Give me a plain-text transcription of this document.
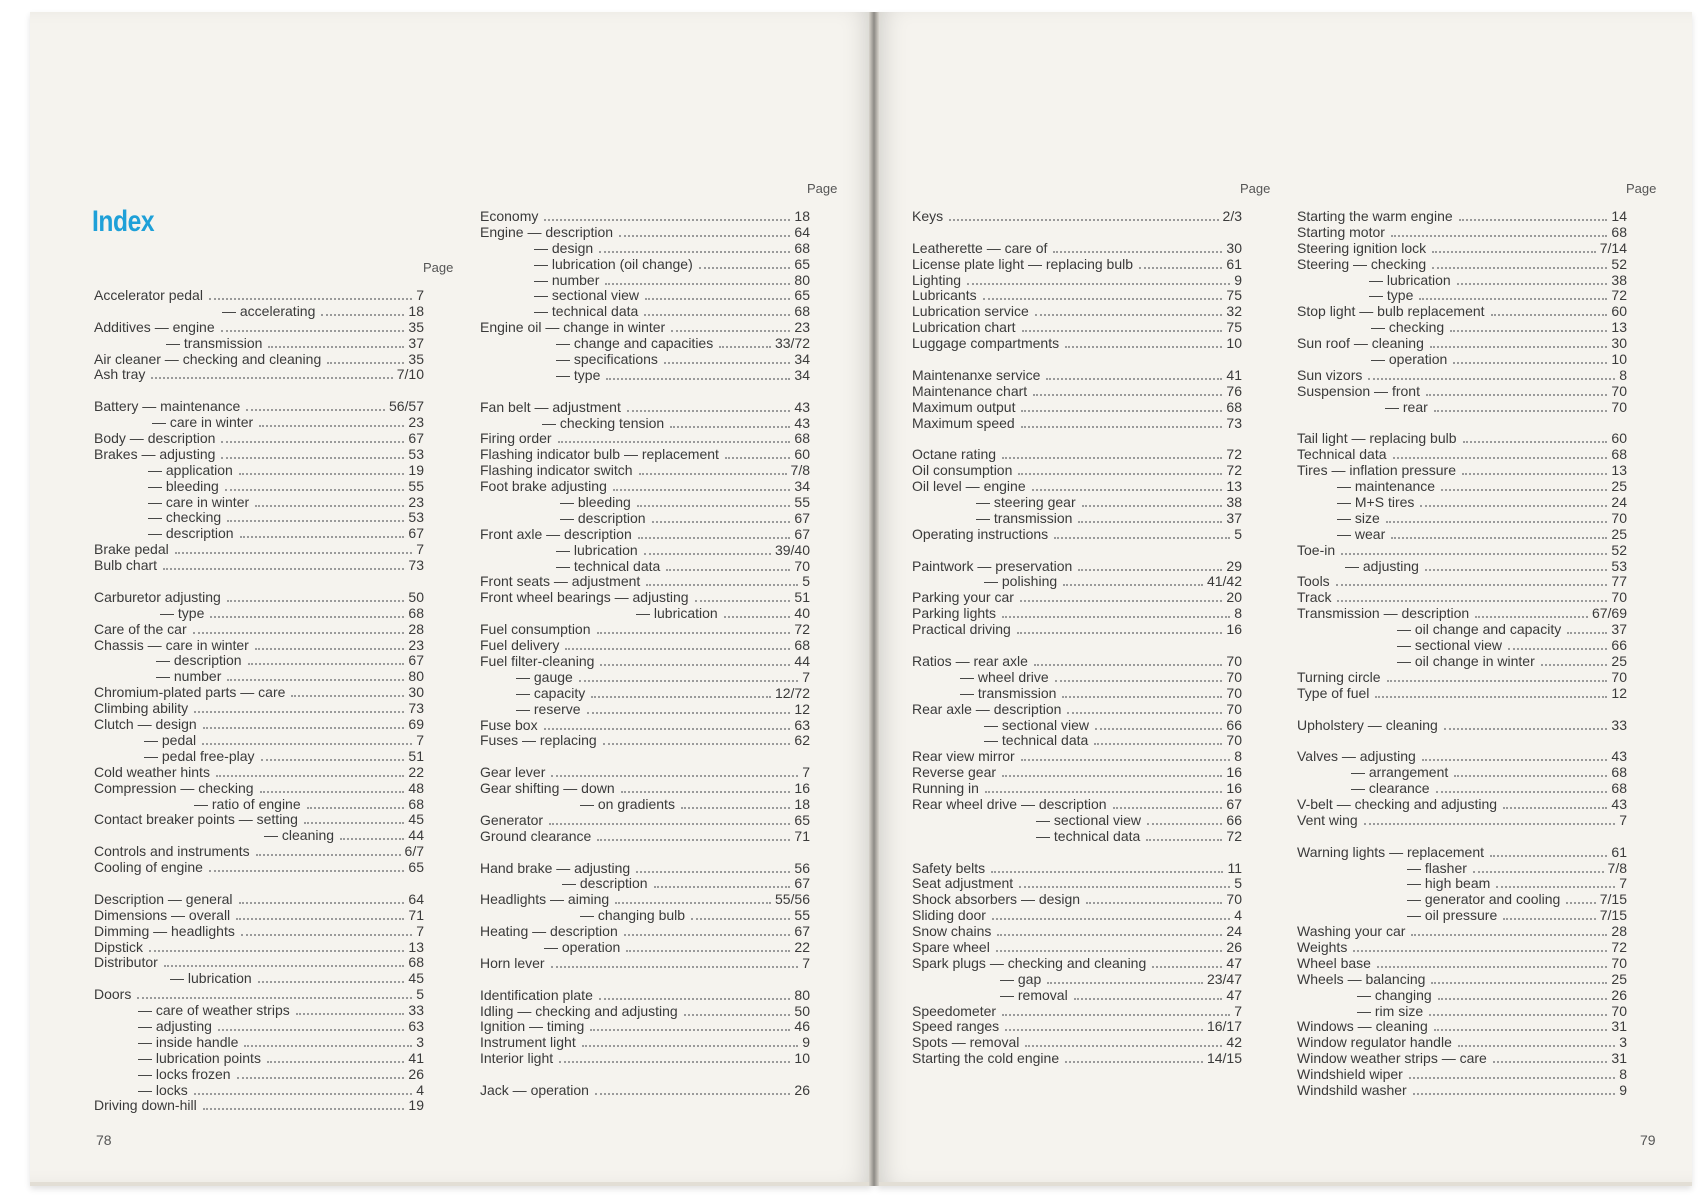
Index
Page
Page	Page	Page
Accelerator pedal	7
— accelerating	18
Additives — engine	35
— transmission	37
Air cleaner — checking and cleaning	35
Ash tray	7/10
Battery — maintenance	56/57
— care in winter	23
Body — description	67
Brakes — adjusting	53
— application	19
— bleeding	55
— care in winter	23
— checking	53
— description	67
Brake pedal	7
Bulb chart	73
Carburetor adjusting	50
— type	68
Care of the car	28
Chassis — care in winter	23
— description	67
— number	80
Chromium-plated parts — care	30
Climbing ability	73
Clutch — design	69
— pedal	7
— pedal free-play	51
Cold weather hints	22
Compression — checking	48
— ratio of engine	68
Contact breaker points — setting	45
— cleaning	44
Controls and instruments	6/7
Cooling of engine	65
Description — general	64
Dimensions — overall	71
Dimming — headlights	7
Dipstick	13
Distributor	68
— lubrication	45
Doors	5
— care of weather strips	33
— adjusting	63
— inside handle	3
— lubrication points	41
— locks frozen	26
— locks	4
Driving down-hill	19
Economy	18
Engine — description	64
— design	68
— lubrication (oil change)	65
— number	80
— sectional view	65
— technical data	68
Engine oil — change in winter	23
— change and capacities	33/72
— specifications	34
— type	34
Fan belt — adjustment	43
— checking tension	43
Firing order	68
Flashing indicator bulb — replacement	60
Flashing indicator switch	7/8
Foot brake adjusting	34
— bleeding	55
— description	67
Front axle — description	67
— lubrication	39/40
— technical data	70
Front seats — adjustment	5
Front wheel bearings — adjusting	51
— lubrication	40
Fuel consumption	72
Fuel delivery	68
Fuel filter-cleaning	44
— gauge	7
— capacity	12/72
— reserve	12
Fuse box	63
Fuses — replacing	62
Gear lever	7
Gear shifting — down	16
— on gradients	18
Generator	65
Ground clearance	71
Hand brake — adjusting	56
— description	67
Headlights — aiming	55/56
— changing bulb	55
Heating — description	67
— operation	22
Horn lever	7
Identification plate	80
Idling — checking and adjusting	50
Ignition — timing	46
Instrument light	9
Interior light	10
Jack — operation	26
Keys	2/3
Leatherette — care of	30
License plate light — replacing bulb	61
Lighting	9
Lubricants	75
Lubrication service	32
Lubrication chart	75
Luggage compartments	10
Maintenanxe service	41
Maintenance chart	76
Maximum output	68
Maximum speed	73
Octane rating	72
Oil consumption	72
Oil level — engine	13
— steering gear	38
— transmission	37
Operating instructions	5
Paintwork — preservation	29
— polishing	41/42
Parking your car	20
Parking lights	8
Practical driving	16
Ratios — rear axle	70
— wheel drive	70
— transmission	70
Rear axle — description	70
— sectional view	66
— technical data	70
Rear view mirror	8
Reverse gear	16
Running in	16
Rear wheel drive — description	67
— sectional view	66
— technical data	72
Safety belts	11
Seat adjustment	5
Shock absorbers — design	70
Sliding door	4
Snow chains	24
Spare wheel	26
Spark plugs — checking and cleaning	47
— gap	23/47
— removal	47
Speedometer	7
Speed ranges	16/17
Spots — removal	42
Starting the cold engine	14/15
Starting the warm engine	14
Starting motor	68
Steering ignition lock	7/14
Steering — checking	52
— lubrication	38
— type	72
Stop light — bulb replacement	60
— checking	13
Sun roof — cleaning	30
— operation	10
Sun vizors	8
Suspension — front	70
— rear	70
Tail light — replacing bulb	60
Technical data	68
Tires — inflation pressure	13
— maintenance	25
— M+S tires	24
— size	70
— wear	25
Toe-in	52
— adjusting	53
Tools	77
Track	70
Transmission — description	67/69
— oil change and capacity	37
— sectional view	66
— oil change in winter	25
Turning circle	70
Type of fuel	12
Upholstery — cleaning	33
Valves — adjusting	43
— arrangement	68
— clearance	68
V-belt — checking and adjusting	43
Vent wing	7
Warning lights — replacement	61
— flasher	7/8
— high beam	7
— generator and cooling	7/15
— oil pressure	7/15
Washing your car	28
Weights	72
Wheel base	70
Wheels — balancing	25
— changing	26
— rim size	70
Windows — cleaning	31
Window regulator handle	3
Window weather strips — care	31
Windshield wiper	8
Windshild washer	9
78	79
